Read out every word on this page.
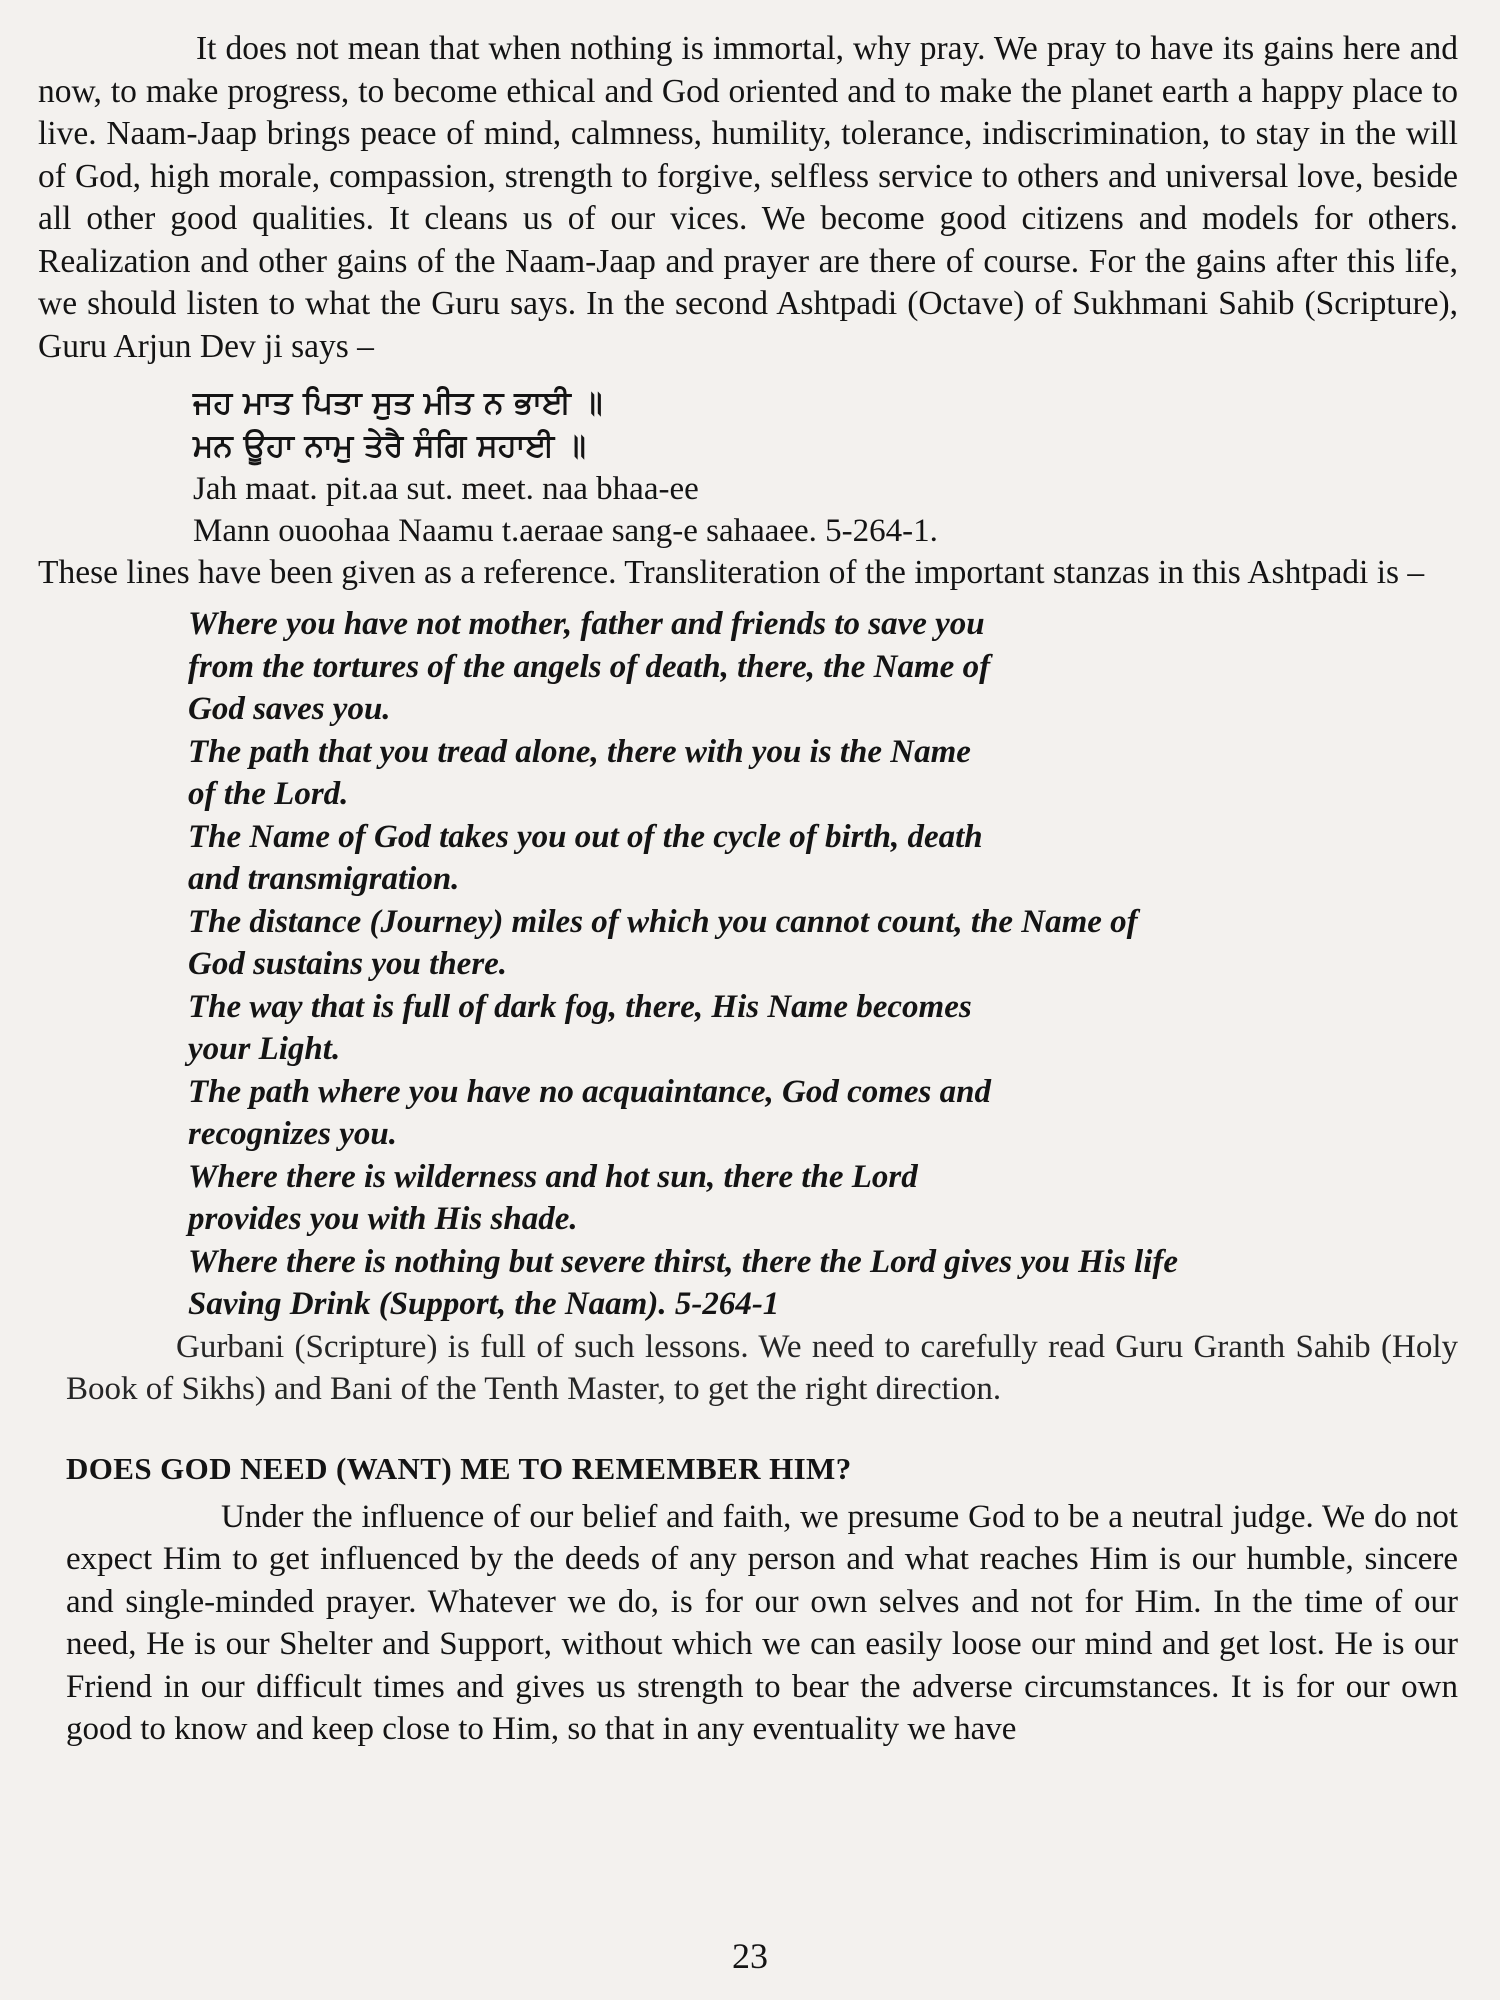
It does not mean that when nothing is immortal, why pray. We pray to have its gains here and now, to make progress, to become ethical and God oriented and to make the planet earth a happy place to live. Naam-Jaap brings peace of mind, calmness, humility, tolerance, indiscrimination, to stay in the will of God, high morale, compassion, strength to forgive, selfless service to others and universal love, beside all other good qualities. It cleans us of our vices. We become good citizens and models for others. Realization and other gains of the Naam-Jaap and prayer are there of course. For the gains after this life, we should listen to what the Guru says. In the second Ashtpadi (Octave) of Sukhmani Sahib (Scripture), Guru Arjun Dev ji says –

ਜਹ ਮਾਤ ਪਿਤਾ ਸੁਤ ਮੀਤ ਨ ਭਾਈ ॥
ਮਨ ਊਹਾ ਨਾਮੁ ਤੇਰੈ ਸੰਗਿ ਸਹਾਈ ॥
Jah maat. pit.aa sut. meet. naa bhaa-ee
Mann ouoohaa Naamu t.aeraae sang-e sahaaee. 5-264-1.

These lines have been given as a reference. Transliteration of the important stanzas in this Ashtpadi is –

Where you have not mother, father and friends to save you
from the tortures of the angels of death, there, the Name of
God saves you.
The path that you tread alone, there with you is the Name
of the Lord.
The Name of God takes you out of the cycle of birth, death
and transmigration.
The distance (Journey) miles of which you cannot count, the Name of
God sustains you there.
The way that is full of dark fog, there, His Name becomes
your Light.
The path where you have no acquaintance, God comes and
recognizes you.
Where there is wilderness and hot sun, there the Lord
provides you with His shade.
Where there is nothing but severe thirst, there the Lord gives you His life
Saving Drink (Support, the Naam). 5-264-1

Gurbani (Scripture) is full of such lessons. We need to carefully read Guru Granth Sahib (Holy Book of Sikhs) and Bani of the Tenth Master, to get the right direction.

DOES GOD NEED (WANT) ME TO REMEMBER HIM?

Under the influence of our belief and faith, we presume God to be a neutral judge. We do not expect Him to get influenced by the deeds of any person and what reaches Him is our humble, sincere and single-minded prayer. Whatever we do, is for our own selves and not for Him. In the time of our need, He is our Shelter and Support, without which we can easily loose our mind and get lost. He is our Friend in our difficult times and gives us strength to bear the adverse circumstances. It is for our own good to know and keep close to Him, so that in any eventuality we have

23
